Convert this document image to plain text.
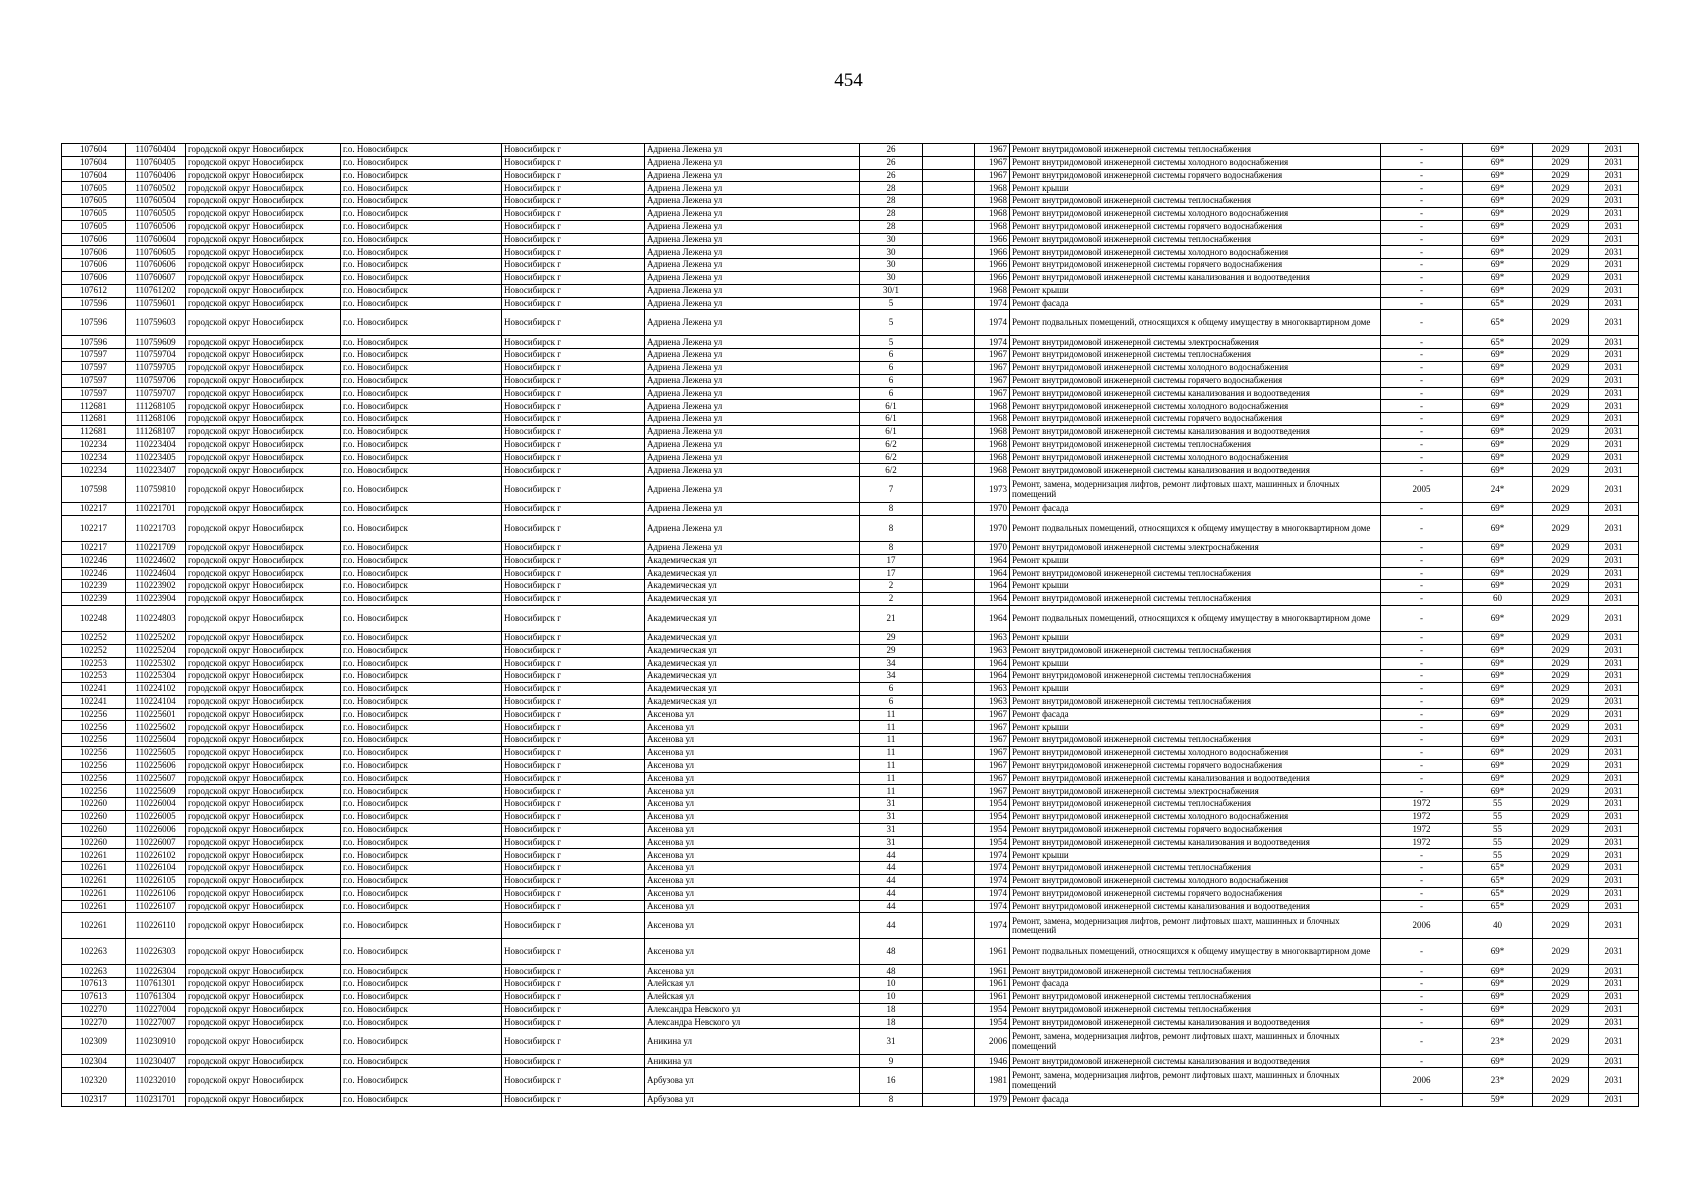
454
107604	110760404	городской округ Новосибирск	г.о. Новосибирск	Новосибирск г	Адриена Лежена ул	26		1967	Ремонт внутридомовой инженерной системы теплоснабжения	-	69*	2029	2031
107604	110760405	городской округ Новосибирск	г.о. Новосибирск	Новосибирск г	Адриена Лежена ул	26		1967	Ремонт внутридомовой инженерной системы холодного водоснабжения	-	69*	2029	2031
107604	110760406	городской округ Новосибирск	г.о. Новосибирск	Новосибирск г	Адриена Лежена ул	26		1967	Ремонт внутридомовой инженерной системы горячего водоснабжения	-	69*	2029	2031
107605	110760502	городской округ Новосибирск	г.о. Новосибирск	Новосибирск г	Адриена Лежена ул	28		1968	Ремонт крыши	-	69*	2029	2031
107605	110760504	городской округ Новосибирск	г.о. Новосибирск	Новосибирск г	Адриена Лежена ул	28		1968	Ремонт внутридомовой инженерной системы теплоснабжения	-	69*	2029	2031
107605	110760505	городской округ Новосибирск	г.о. Новосибирск	Новосибирск г	Адриена Лежена ул	28		1968	Ремонт внутридомовой инженерной системы холодного водоснабжения	-	69*	2029	2031
107605	110760506	городской округ Новосибирск	г.о. Новосибирск	Новосибирск г	Адриена Лежена ул	28		1968	Ремонт внутридомовой инженерной системы горячего водоснабжения	-	69*	2029	2031
107606	110760604	городской округ Новосибирск	г.о. Новосибирск	Новосибирск г	Адриена Лежена ул	30		1966	Ремонт внутридомовой инженерной системы теплоснабжения	-	69*	2029	2031
107606	110760605	городской округ Новосибирск	г.о. Новосибирск	Новосибирск г	Адриена Лежена ул	30		1966	Ремонт внутридомовой инженерной системы холодного водоснабжения	-	69*	2029	2031
107606	110760606	городской округ Новосибирск	г.о. Новосибирск	Новосибирск г	Адриена Лежена ул	30		1966	Ремонт внутридомовой инженерной системы горячего водоснабжения	-	69*	2029	2031
107606	110760607	городской округ Новосибирск	г.о. Новосибирск	Новосибирск г	Адриена Лежена ул	30		1966	Ремонт внутридомовой инженерной системы канализования и водоотведения	-	69*	2029	2031
107612	110761202	городской округ Новосибирск	г.о. Новосибирск	Новосибирск г	Адриена Лежена ул	30/1		1968	Ремонт крыши	-	69*	2029	2031
107596	110759601	городской округ Новосибирск	г.о. Новосибирск	Новосибирск г	Адриена Лежена ул	5		1974	Ремонт фасада	-	65*	2029	2031
107596	110759603	городской округ Новосибирск	г.о. Новосибирск	Новосибирск г	Адриена Лежена ул	5		1974	Ремонт подвальных помещений, относящихся к общему имуществу в многоквартирном доме	-	65*	2029	2031
107596	110759609	городской округ Новосибирск	г.о. Новосибирск	Новосибирск г	Адриена Лежена ул	5		1974	Ремонт внутридомовой инженерной системы электроснабжения	-	65*	2029	2031
107597	110759704	городской округ Новосибирск	г.о. Новосибирск	Новосибирск г	Адриена Лежена ул	6		1967	Ремонт внутридомовой инженерной системы теплоснабжения	-	69*	2029	2031
107597	110759705	городской округ Новосибирск	г.о. Новосибирск	Новосибирск г	Адриена Лежена ул	6		1967	Ремонт внутридомовой инженерной системы холодного водоснабжения	-	69*	2029	2031
107597	110759706	городской округ Новосибирск	г.о. Новосибирск	Новосибирск г	Адриена Лежена ул	6		1967	Ремонт внутридомовой инженерной системы горячего водоснабжения	-	69*	2029	2031
107597	110759707	городской округ Новосибирск	г.о. Новосибирск	Новосибирск г	Адриена Лежена ул	6		1967	Ремонт внутридомовой инженерной системы канализования и водоотведения	-	69*	2029	2031
112681	111268105	городской округ Новосибирск	г.о. Новосибирск	Новосибирск г	Адриена Лежена ул	6/1		1968	Ремонт внутридомовой инженерной системы холодного водоснабжения	-	69*	2029	2031
112681	111268106	городской округ Новосибирск	г.о. Новосибирск	Новосибирск г	Адриена Лежена ул	6/1		1968	Ремонт внутридомовой инженерной системы горячего водоснабжения	-	69*	2029	2031
112681	111268107	городской округ Новосибирск	г.о. Новосибирск	Новосибирск г	Адриена Лежена ул	6/1		1968	Ремонт внутридомовой инженерной системы канализования и водоотведения	-	69*	2029	2031
102234	110223404	городской округ Новосибирск	г.о. Новосибирск	Новосибирск г	Адриена Лежена ул	6/2		1968	Ремонт внутридомовой инженерной системы теплоснабжения	-	69*	2029	2031
102234	110223405	городской округ Новосибирск	г.о. Новосибирск	Новосибирск г	Адриена Лежена ул	6/2		1968	Ремонт внутридомовой инженерной системы холодного водоснабжения	-	69*	2029	2031
102234	110223407	городской округ Новосибирск	г.о. Новосибирск	Новосибирск г	Адриена Лежена ул	6/2		1968	Ремонт внутридомовой инженерной системы канализования и водоотведения	-	69*	2029	2031
107598	110759810	городской округ Новосибирск	г.о. Новосибирск	Новосибирск г	Адриена Лежена ул	7		1973	Ремонт, замена, модернизация лифтов, ремонт лифтовых шахт, машинных и блочных помещений	2005	24*	2029	2031
102217	110221701	городской округ Новосибирск	г.о. Новосибирск	Новосибирск г	Адриена Лежена ул	8		1970	Ремонт фасада	-	69*	2029	2031
102217	110221703	городской округ Новосибирск	г.о. Новосибирск	Новосибирск г	Адриена Лежена ул	8		1970	Ремонт подвальных помещений, относящихся к общему имуществу в многоквартирном доме	-	69*	2029	2031
102217	110221709	городской округ Новосибирск	г.о. Новосибирск	Новосибирск г	Адриена Лежена ул	8		1970	Ремонт внутридомовой инженерной системы электроснабжения	-	69*	2029	2031
102246	110224602	городской округ Новосибирск	г.о. Новосибирск	Новосибирск г	Академическая ул	17		1964	Ремонт крыши	-	69*	2029	2031
102246	110224604	городской округ Новосибирск	г.о. Новосибирск	Новосибирск г	Академическая ул	17		1964	Ремонт внутридомовой инженерной системы теплоснабжения	-	69*	2029	2031
102239	110223902	городской округ Новосибирск	г.о. Новосибирск	Новосибирск г	Академическая ул	2		1964	Ремонт крыши	-	69*	2029	2031
102239	110223904	городской округ Новосибирск	г.о. Новосибирск	Новосибирск г	Академическая ул	2		1964	Ремонт внутридомовой инженерной системы теплоснабжения	-	60	2029	2031
102248	110224803	городской округ Новосибирск	г.о. Новосибирск	Новосибирск г	Академическая ул	21		1964	Ремонт подвальных помещений, относящихся к общему имуществу в многоквартирном доме	-	69*	2029	2031
102252	110225202	городской округ Новосибирск	г.о. Новосибирск	Новосибирск г	Академическая ул	29		1963	Ремонт крыши	-	69*	2029	2031
102252	110225204	городской округ Новосибирск	г.о. Новосибирск	Новосибирск г	Академическая ул	29		1963	Ремонт внутридомовой инженерной системы теплоснабжения	-	69*	2029	2031
102253	110225302	городской округ Новосибирск	г.о. Новосибирск	Новосибирск г	Академическая ул	34		1964	Ремонт крыши	-	69*	2029	2031
102253	110225304	городской округ Новосибирск	г.о. Новосибирск	Новосибирск г	Академическая ул	34		1964	Ремонт внутридомовой инженерной системы теплоснабжения	-	69*	2029	2031
102241	110224102	городской округ Новосибирск	г.о. Новосибирск	Новосибирск г	Академическая ул	6		1963	Ремонт крыши	-	69*	2029	2031
102241	110224104	городской округ Новосибирск	г.о. Новосибирск	Новосибирск г	Академическая ул	6		1963	Ремонт внутридомовой инженерной системы теплоснабжения	-	69*	2029	2031
102256	110225601	городской округ Новосибирск	г.о. Новосибирск	Новосибирск г	Аксенова ул	11		1967	Ремонт фасада	-	69*	2029	2031
102256	110225602	городской округ Новосибирск	г.о. Новосибирск	Новосибирск г	Аксенова ул	11		1967	Ремонт крыши	-	69*	2029	2031
102256	110225604	городской округ Новосибирск	г.о. Новосибирск	Новосибирск г	Аксенова ул	11		1967	Ремонт внутридомовой инженерной системы теплоснабжения	-	69*	2029	2031
102256	110225605	городской округ Новосибирск	г.о. Новосибирск	Новосибирск г	Аксенова ул	11		1967	Ремонт внутридомовой инженерной системы холодного водоснабжения	-	69*	2029	2031
102256	110225606	городской округ Новосибирск	г.о. Новосибирск	Новосибирск г	Аксенова ул	11		1967	Ремонт внутридомовой инженерной системы горячего водоснабжения	-	69*	2029	2031
102256	110225607	городской округ Новосибирск	г.о. Новосибирск	Новосибирск г	Аксенова ул	11		1967	Ремонт внутридомовой инженерной системы канализования и водоотведения	-	69*	2029	2031
102256	110225609	городской округ Новосибирск	г.о. Новосибирск	Новосибирск г	Аксенова ул	11		1967	Ремонт внутридомовой инженерной системы электроснабжения	-	69*	2029	2031
102260	110226004	городской округ Новосибирск	г.о. Новосибирск	Новосибирск г	Аксенова ул	31		1954	Ремонт внутридомовой инженерной системы теплоснабжения	1972	55	2029	2031
102260	110226005	городской округ Новосибирск	г.о. Новосибирск	Новосибирск г	Аксенова ул	31		1954	Ремонт внутридомовой инженерной системы холодного водоснабжения	1972	55	2029	2031
102260	110226006	городской округ Новосибирск	г.о. Новосибирск	Новосибирск г	Аксенова ул	31		1954	Ремонт внутридомовой инженерной системы горячего водоснабжения	1972	55	2029	2031
102260	110226007	городской округ Новосибирск	г.о. Новосибирск	Новосибирск г	Аксенова ул	31		1954	Ремонт внутридомовой инженерной системы канализования и водоотведения	1972	55	2029	2031
102261	110226102	городской округ Новосибирск	г.о. Новосибирск	Новосибирск г	Аксенова ул	44		1974	Ремонт крыши	-	55	2029	2031
102261	110226104	городской округ Новосибирск	г.о. Новосибирск	Новосибирск г	Аксенова ул	44		1974	Ремонт внутридомовой инженерной системы теплоснабжения	-	65*	2029	2031
102261	110226105	городской округ Новосибирск	г.о. Новосибирск	Новосибирск г	Аксенова ул	44		1974	Ремонт внутридомовой инженерной системы холодного водоснабжения	-	65*	2029	2031
102261	110226106	городской округ Новосибирск	г.о. Новосибирск	Новосибирск г	Аксенова ул	44		1974	Ремонт внутридомовой инженерной системы горячего водоснабжения	-	65*	2029	2031
102261	110226107	городской округ Новосибирск	г.о. Новосибирск	Новосибирск г	Аксенова ул	44		1974	Ремонт внутридомовой инженерной системы канализования и водоотведения	-	65*	2029	2031
102261	110226110	городской округ Новосибирск	г.о. Новосибирск	Новосибирск г	Аксенова ул	44		1974	Ремонт, замена, модернизация лифтов, ремонт лифтовых шахт, машинных и блочных помещений	2006	40	2029	2031
102263	110226303	городской округ Новосибирск	г.о. Новосибирск	Новосибирск г	Аксенова ул	48		1961	Ремонт подвальных помещений, относящихся к общему имуществу в многоквартирном доме	-	69*	2029	2031
102263	110226304	городской округ Новосибирск	г.о. Новосибирск	Новосибирск г	Аксенова ул	48		1961	Ремонт внутридомовой инженерной системы теплоснабжения	-	69*	2029	2031
107613	110761301	городской округ Новосибирск	г.о. Новосибирск	Новосибирск г	Алейская ул	10		1961	Ремонт фасада	-	69*	2029	2031
107613	110761304	городской округ Новосибирск	г.о. Новосибирск	Новосибирск г	Алейская ул	10		1961	Ремонт внутридомовой инженерной системы теплоснабжения	-	69*	2029	2031
102270	110227004	городской округ Новосибирск	г.о. Новосибирск	Новосибирск г	Александра Невского ул	18		1954	Ремонт внутридомовой инженерной системы теплоснабжения	-	69*	2029	2031
102270	110227007	городской округ Новосибирск	г.о. Новосибирск	Новосибирск г	Александра Невского ул	18		1954	Ремонт внутридомовой инженерной системы канализования и водоотведения	-	69*	2029	2031
102309	110230910	городской округ Новосибирск	г.о. Новосибирск	Новосибирск г	Аникина ул	31		2006	Ремонт, замена, модернизация лифтов, ремонт лифтовых шахт, машинных и блочных помещений	-	23*	2029	2031
102304	110230407	городской округ Новосибирск	г.о. Новосибирск	Новосибирск г	Аникина ул	9		1946	Ремонт внутридомовой инженерной системы канализования и водоотведения	-	69*	2029	2031
102320	110232010	городской округ Новосибирск	г.о. Новосибирск	Новосибирск г	Арбузова ул	16		1981	Ремонт, замена, модернизация лифтов, ремонт лифтовых шахт, машинных и блочных помещений	2006	23*	2029	2031
102317	110231701	городской округ Новосибирск	г.о. Новосибирск	Новосибирск г	Арбузова ул	8		1979	Ремонт фасада	-	59*	2029	2031
